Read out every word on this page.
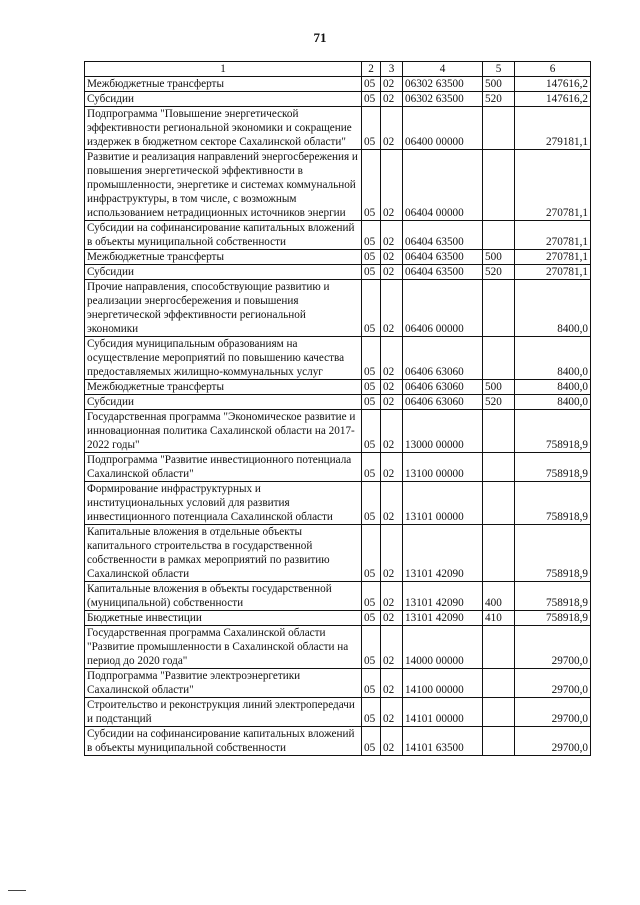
71
1	2	3	4	5	6
Межбюджетные трансферты	05	02	06302 63500	500	147616,2
Субсидии	05	02	06302 63500	520	147616,2
Подпрограмма "Повышение энергетической эффективности региональной экономики и сокращение издержек в бюджетном секторе Сахалинской области"	05	02	06400 00000		279181,1
Развитие и реализация направлений энергосбережения и повышения энергетической эффективности в промышленности, энергетике и системах коммунальной инфраструктуры, в том числе, с возможным использованием нетрадиционных источников энергии	05	02	06404 00000		270781,1
Субсидии на софинансирование капитальных вложений в объекты муниципальной собственности	05	02	06404 63500		270781,1
Межбюджетные трансферты	05	02	06404 63500	500	270781,1
Субсидии	05	02	06404 63500	520	270781,1
Прочие направления, способствующие развитию и реализации энергосбережения и повышения энергетической эффективности региональной экономики	05	02	06406 00000		8400,0
Субсидия муниципальным образованиям на осуществление мероприятий по повышению качества предоставляемых жилищно-коммунальных услуг	05	02	06406 63060		8400,0
Межбюджетные трансферты	05	02	06406 63060	500	8400,0
Субсидии	05	02	06406 63060	520	8400,0
Государственная программа "Экономическое развитие и инновационная политика Сахалинской области на 2017-2022 годы"	05	02	13000 00000		758918,9
Подпрограмма "Развитие инвестиционного потенциала Сахалинской области"	05	02	13100 00000		758918,9
Формирование инфраструктурных и институциональных условий для развития инвестиционного потенциала Сахалинской области	05	02	13101 00000		758918,9
Капитальные вложения в отдельные объекты капитального строительства в государственной собственности в рамках мероприятий по развитию Сахалинской области	05	02	13101 42090		758918,9
Капитальные вложения в объекты государственной (муниципальной) собственности	05	02	13101 42090	400	758918,9
Бюджетные инвестиции	05	02	13101 42090	410	758918,9
Государственная программа Сахалинской области "Развитие промышленности в Сахалинской области на период до 2020 года"	05	02	14000 00000		29700,0
Подпрограмма "Развитие электроэнергетики Сахалинской области"	05	02	14100 00000		29700,0
Строительство и реконструкция линий электропередачи и подстанций	05	02	14101 00000		29700,0
Субсидии на софинансирование капитальных вложений в объекты муниципальной собственности	05	02	14101 63500		29700,0
